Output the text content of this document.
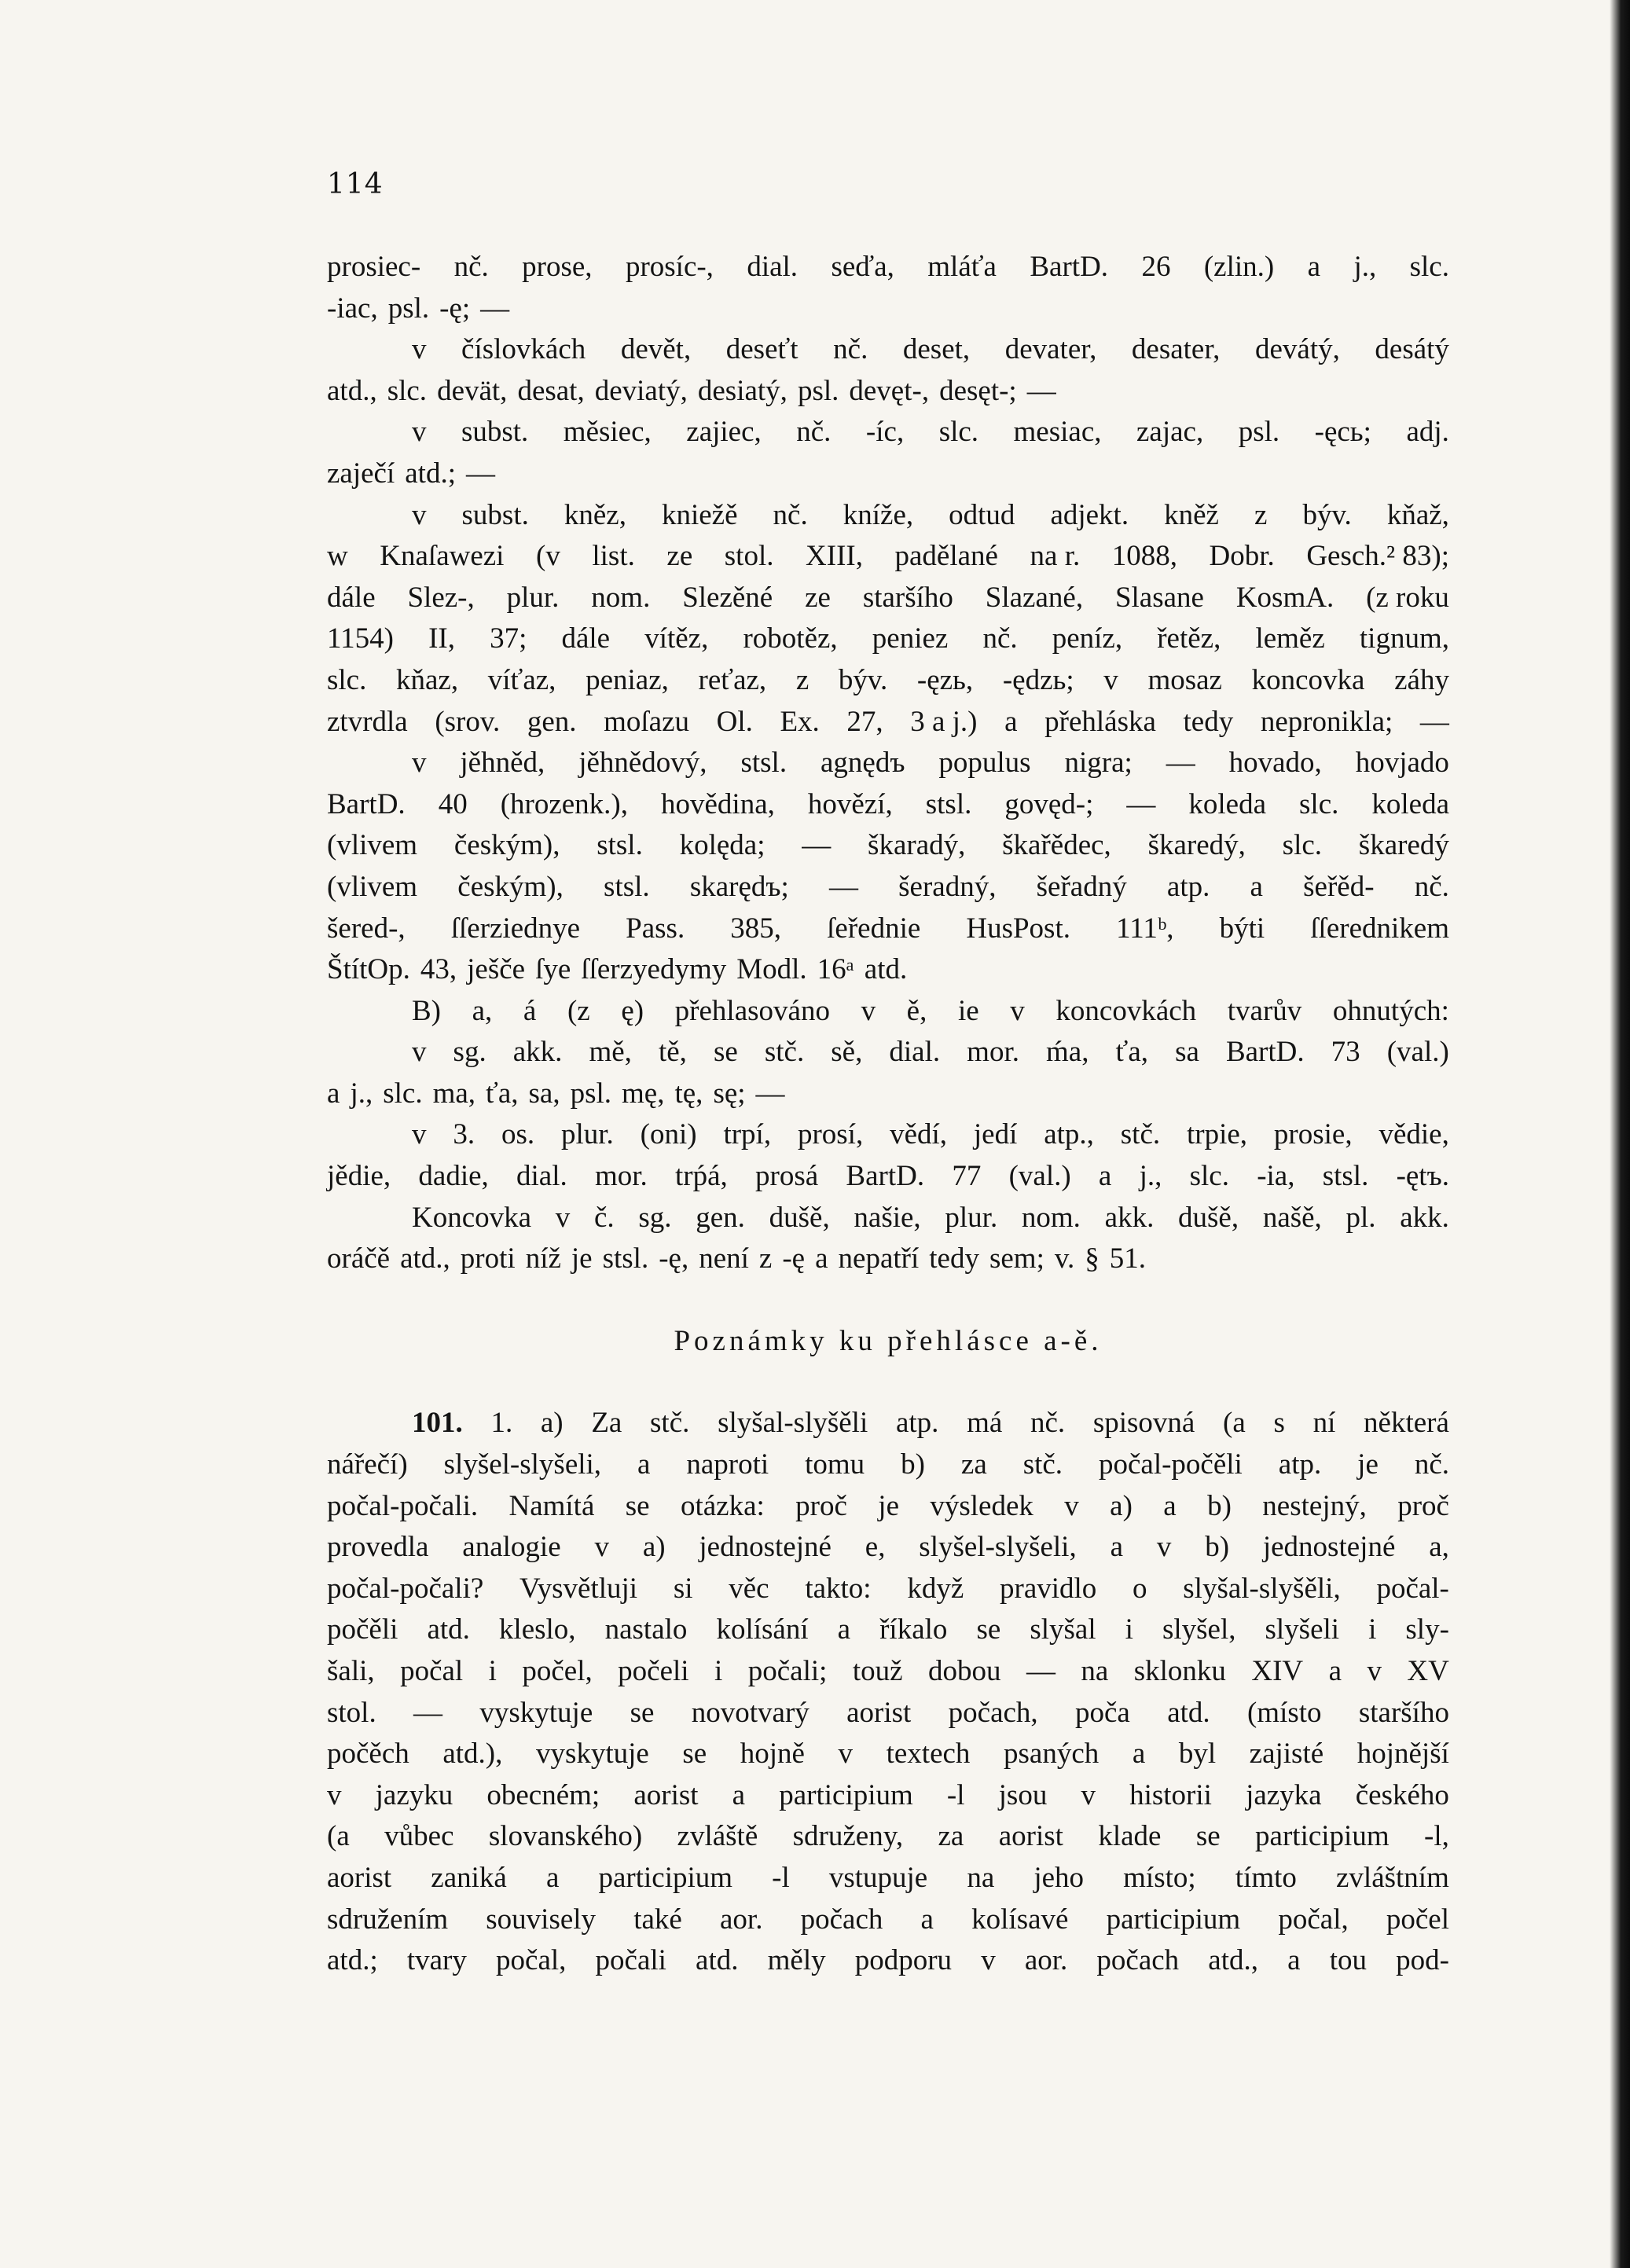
114
prosiec- nč. prose, prosíc-, dial. seďa, mláťa BartD. 26 (zlin.) a j., slc.
-iac, psl. -ę; —
v číslovkách devět, deseťt nč. deset, devater, desater, devátý, desátý
atd., slc. devät, desat, deviatý, desiatý, psl. devęt-, desęt-; —
v subst. měsiec, zajiec, nč. -íc, slc. mesiac, zajac, psl. -ęcь; adj.
zaječí atd.; —
v subst. kněz, kniežě nč. kníže, odtud adjekt. kněž z býv. kňaž,
w Knaſawezi (v list. ze stol. XIII, padělané na r. 1088, Dobr. Gesch.² 83);
dále Slez-, plur. nom. Slezěné ze staršího Slazané, Slasane KosmA. (z roku
1154) II, 37; dále vítěz, robotěz, peniez nč. peníz, řetěz, leměz tignum,
slc. kňaz, víťaz, peniaz, reťaz, z býv. -ęzь, -ędzь; v mosaz koncovka záhy
ztvrdla (srov. gen. moſazu Ol. Ex. 27, 3 a j.) a přehláska tedy nepronikla; —
v jěhněd, jěhnědový, stsl. agnędъ populus nigra; — hovado, hovjado
BartD. 40 (hrozenk.), hovědina, hovězí, stsl. govęd-; — koleda slc. koleda
(vlivem českým), stsl. kolęda; — škaradý, škařědec, škaredý, slc. škaredý
(vlivem českým), stsl. skarędъ; — šeradný, šeřadný atp. a šeřěd- nč.
šered-, ſſerziednye Pass. 385, ſeřednie HusPost. 111ᵇ, býti ſſerednikem
ŠtítOp. 43, ješče ſye ſſerzyedymy Modl. 16ᵃ atd.
B) a, á (z ę) přehlasováno v ě, ie v koncovkách tvarův ohnutých:
v sg. akk. mě, tě, se stč. sě, dial. mor. ḿa, ťa, sa BartD. 73 (val.)
a j., slc. ma, ťa, sa, psl. mę, tę, sę; —
v 3. os. plur. (oni) trpí, prosí, vědí, jedí atp., stč. trpie, prosie, vědie,
jědie, dadie, dial. mor. trṕá, prosá BartD. 77 (val.) a j., slc. -ia, stsl. -ętъ.
Koncovka v č. sg. gen. dušě, našie, plur. nom. akk. dušě, našě, pl. akk.
oráčě atd., proti níž je stsl. -ę, není z -ę a nepatří tedy sem; v. § 51.
Poznámky ku přehlásce a-ě.
101. 1. a) Za stč. slyšal-slyšěli atp. má nč. spisovná (a s ní některá
nářečí) slyšel-slyšeli, a naproti tomu b) za stč. počal-počěli atp. je nč.
počal-počali. Namítá se otázka: proč je výsledek v a) a b) nestejný, proč
provedla analogie v a) jednostejné e, slyšel-slyšeli, a v b) jednostejné a,
počal-počali? Vysvětluji si věc takto: když pravidlo o slyšal-slyšěli, počal-
počěli atd. kleslo, nastalo kolísání a říkalo se slyšal i slyšel, slyšeli i sly-
šali, počal i počel, počeli i počali; touž dobou — na sklonku XIV a v XV
stol. — vyskytuje se novotvarý aorist počach, poča atd. (místo staršího
počěch atd.), vyskytuje se hojně v textech psaných a byl zajisté hojnější
v jazyku obecném; aorist a participium -l jsou v historii jazyka českého
(a vůbec slovanského) zvláště sdruženy, za aorist klade se participium -l,
aorist zaniká a participium -l vstupuje na jeho místo; tímto zvláštním
sdružením souvisely také aor. počach a kolísavé participium počal, počel
atd.; tvary počal, počali atd. měly podporu v aor. počach atd., a tou pod-
